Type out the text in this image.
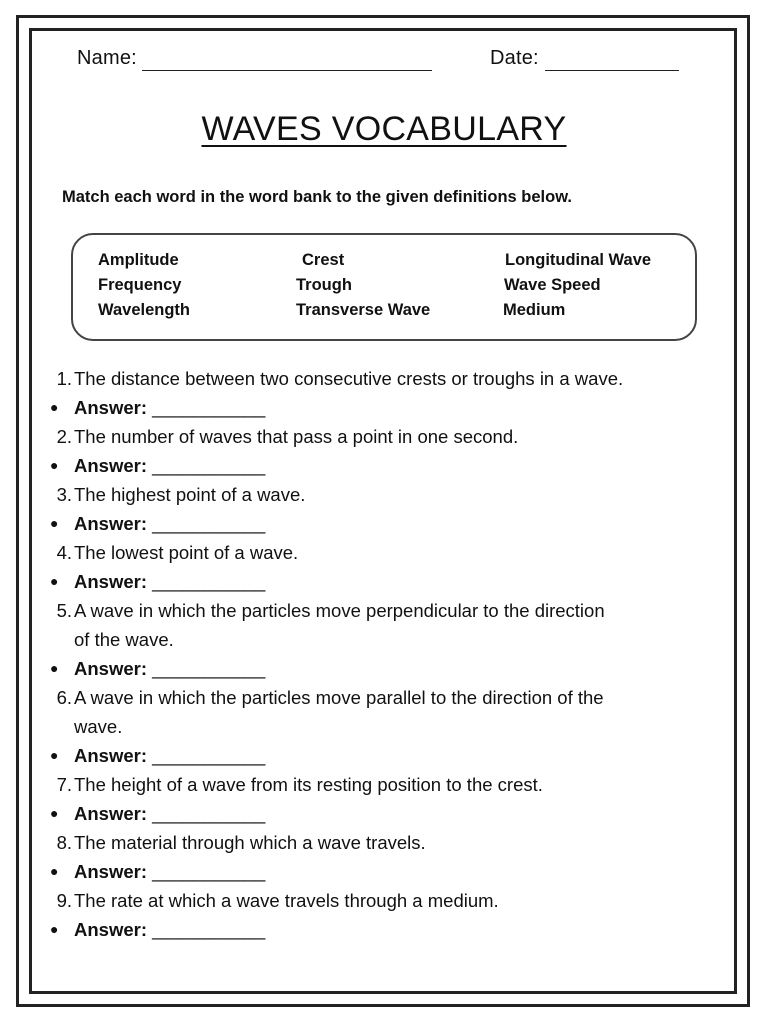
Name:	Date:
WAVES VOCABULARY
Match each word in the word bank to the given definitions below.
Amplitude
Frequency
Wavelength
Crest
Trough
Transverse Wave
Longitudinal Wave
Wave Speed
Medium
1. The distance between two consecutive crests or troughs in a wave.
● Answer: ___________
2. The number of waves that pass a point in one second.
● Answer: ___________
3. The highest point of a wave.
● Answer: ___________
4. The lowest point of a wave.
● Answer: ___________
5. A wave in which the particles move perpendicular to the direction
of the wave.
● Answer: ___________
6. A wave in which the particles move parallel to the direction of the
wave.
● Answer: ___________
7. The height of a wave from its resting position to the crest.
● Answer: ___________
8. The material through which a wave travels.
● Answer: ___________
9. The rate at which a wave travels through a medium.
● Answer: ___________
